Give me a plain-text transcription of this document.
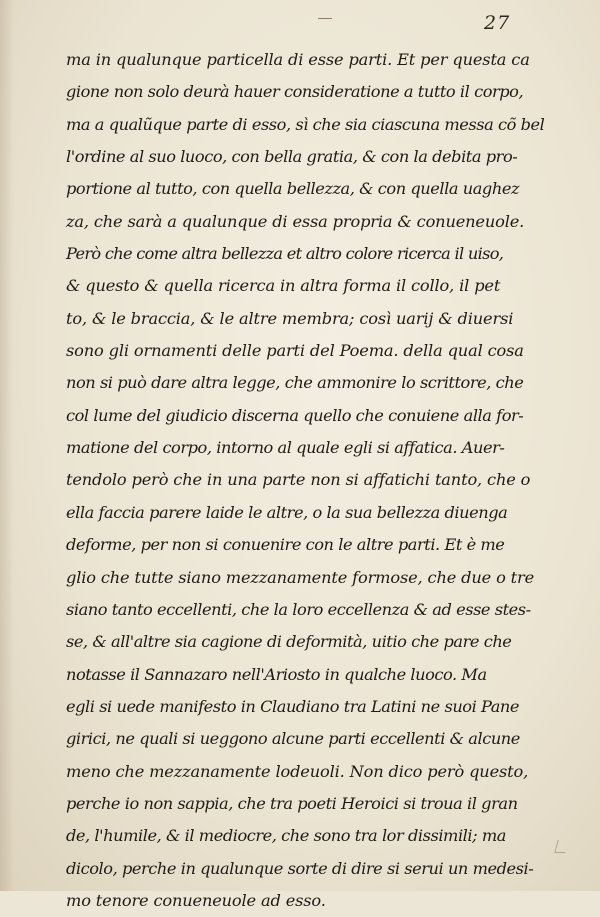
27
ma in qualunque particella di esse parti. Et per questa ca
gione non solo deurà hauer consideratione a tutto il corpo,
ma a qualũque parte di esso, sì che sia ciascuna messa cõ bel
l'ordine al suo luoco, con bella gratia, & con la debita pro-
portione al tutto, con quella bellezza, & con quella uaghez
za, che sarà a qualunque di essa propria & conueneuole.
Però che come altra bellezza et altro colore ricerca il uiso,
& questo & quella ricerca in altra forma il collo, il pet
to, & le braccia, & le altre membra; così uarij & diuersi
sono gli ornamenti delle parti del Poema. della qual cosa
non si può dare altra legge, che ammonire lo scrittore, che
col lume del giudicio discerna quello che conuiene alla for-
matione del corpo, intorno al quale egli si affatica. Auer-
tendolo però che in una parte non si affatichi tanto, che o
ella faccia parere laide le altre, o la sua bellezza diuenga
deforme, per non si conuenire con le altre parti. Et è me
glio che tutte siano mezzanamente formose, che due o tre
siano tanto eccellenti, che la loro eccellenza & ad esse stes-
se, & all'altre sia cagione di deformità, uitio che pare che
notasse il Sannazaro nell'Ariosto in qualche luoco. Ma
egli si uede manifesto in Claudiano tra Latini ne suoi Pane
girici, ne quali si ueggono alcune parti eccellenti & alcune
meno che mezzanamente lodeuoli. Non dico però questo,
perche io non sappia, che tra poeti Heroici si troua il gran
de, l'humile, & il mediocre, che sono tra lor dissimili; ma
dicolo, perche in qualunque sorte di dire si serui un medesi-
mo tenore conueneuole ad esso.
